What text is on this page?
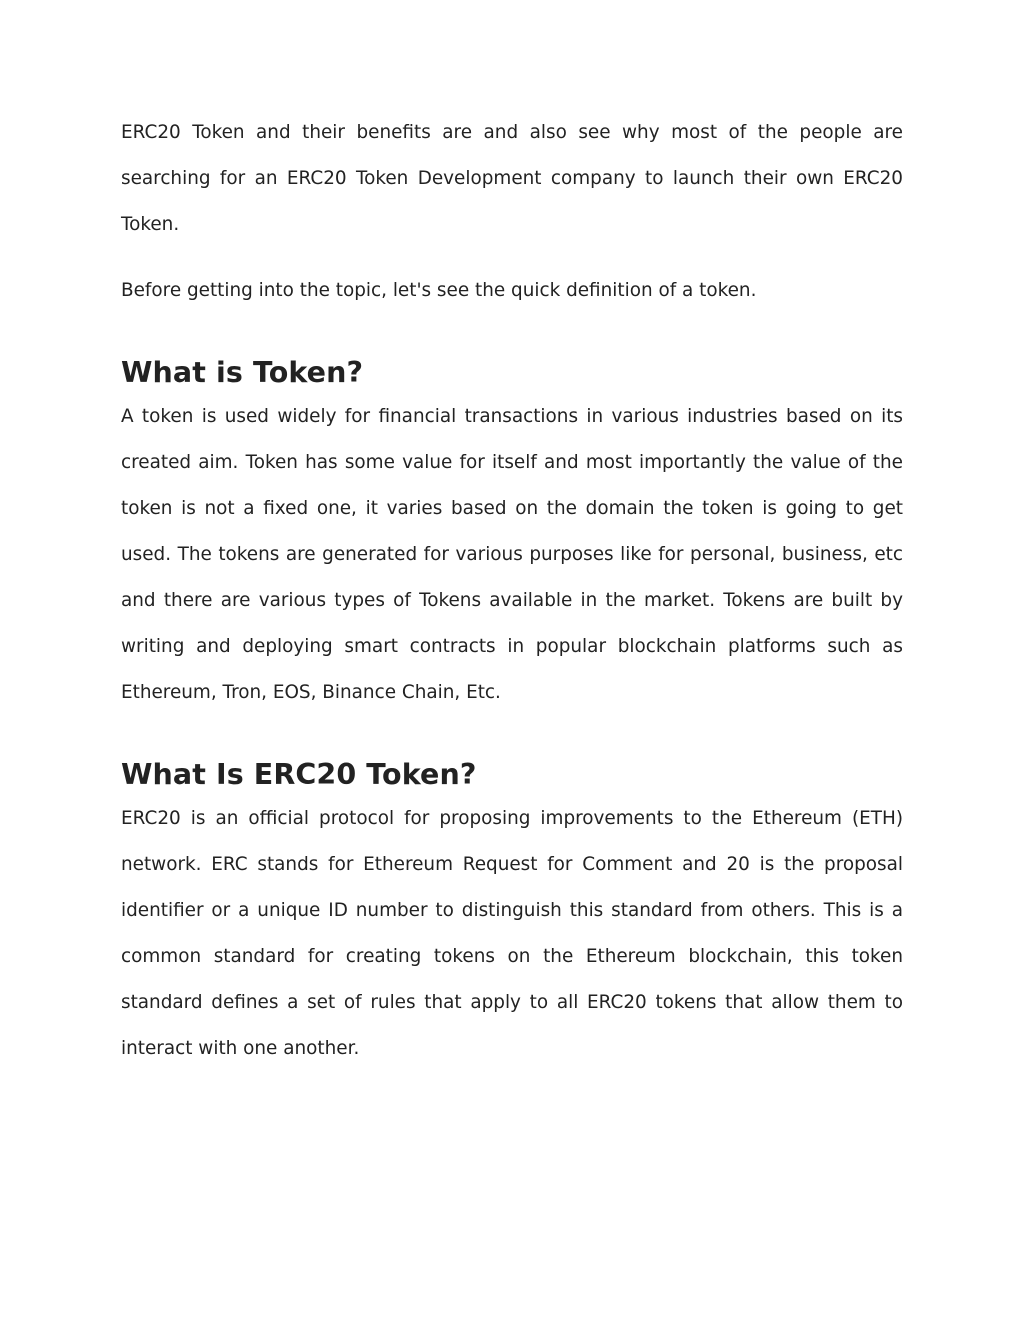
ERC20 Token and their benefits are and also see why most of the people are searching for an ERC20 Token Development company to launch their own ERC20 Token.

Before getting into the topic, let's see the quick definition of a token.

What is Token?

A token is used widely for financial transactions in various industries based on its created aim. Token has some value for itself and most importantly the value of the token is not a fixed one, it varies based on the domain the token is going to get used. The tokens are generated for various purposes like for personal, business, etc and there are various types of Tokens available in the market. Tokens are built by writing and deploying smart contracts in popular blockchain platforms such as Ethereum, Tron, EOS, Binance Chain, Etc.

What Is ERC20 Token?

ERC20 is an official protocol for proposing improvements to the Ethereum (ETH) network. ERC stands for Ethereum Request for Comment and 20 is the proposal identifier or a unique ID number to distinguish this standard from others. This is a common standard for creating tokens on the Ethereum blockchain, this token standard defines a set of rules that apply to all ERC20 tokens that allow them to interact with one another.
